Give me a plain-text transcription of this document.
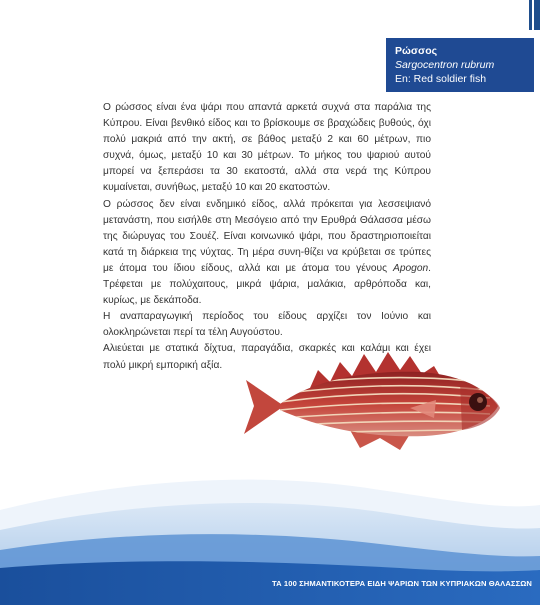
Ρώσσος
Sargocentron rubrum
En: Red soldier fish

Ο ρώσσος είναι ένα ψάρι που απαντά αρκετά συχνά στα παράλια της Κύπρου. Είναι βενθικό είδος και το βρίσκουμε σε βραχώδεις βυθούς, όχι πολύ μακριά από την ακτή, σε βάθος μεταξύ 2 και 60 μέτρων, πιο συχνά, όμως, μεταξύ 10 και 30 μέτρων. Το μήκος του ψαριού αυτού μπορεί να ξεπεράσει τα 30 εκατοστά, αλλά στα νερά της Κύπρου κυμαίνεται, συνήθως, μεταξύ 10 και 20 εκατοστών.

Ο ρώσσος δεν είναι ενδημικό είδος, αλλά πρόκειται για λεσσεψιανό μετανάστη, που εισήλθε στη Μεσόγειο από την Ερυθρά Θάλασσα μέσω της διώρυγας του Σουέζ. Είναι κοινωνικό ψάρι, που δραστηριοποιείται κατά τη διάρκεια της νύχτας. Τη μέρα συνη-θίζει να κρύβεται σε τρύπες με άτομα του ίδιου είδους, αλλά και με άτομα του γένους Apogon. Τρέφεται με πολύχαιτους, μικρά ψάρια, μαλάκια, αρθρόποδα και, κυρίως, με δεκάποδα.

Η αναπαραγωγική περίοδος του είδους αρχίζει τον Ιούνιο και ολοκληρώνεται περί τα τέλη Αυγούστου.

Αλιεύεται με στατικά δίχτυα, παραγάδια, σκαρκές και καλάμι και έχει πολύ μικρή εμπορική αξία.

ΤΑ 100 ΣΗΜΑΝΤΙΚΟΤΕΡΑ ΕΙΔΗ ΨΑΡΙΩΝ ΤΩΝ ΚΥΠΡΙΑΚΩΝ ΘΑΛΑΣΣΩΝ
